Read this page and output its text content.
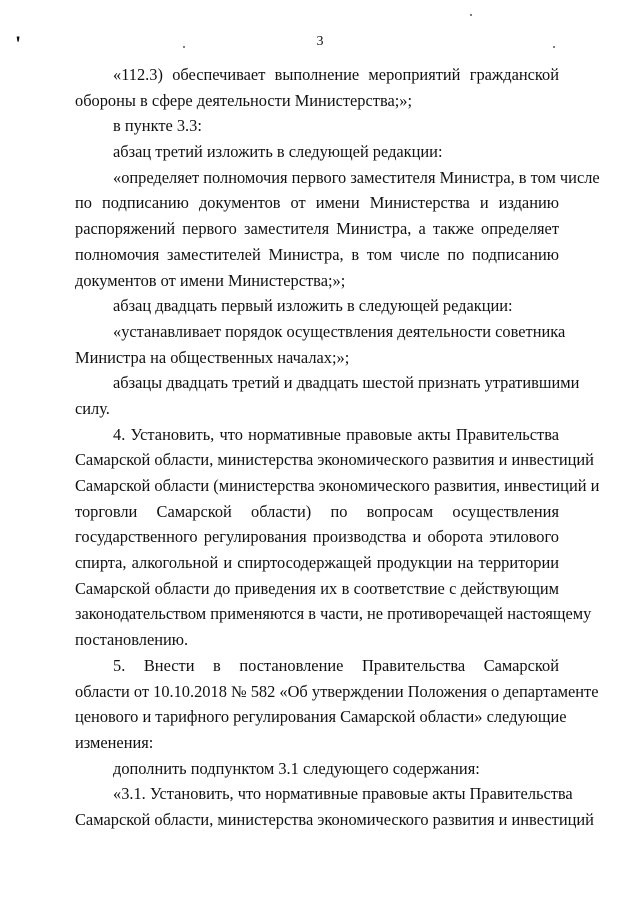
ꞌ	3
«112.3) обеспечивает выполнение мероприятий гражданской
обороны в сфере деятельности Министерства;»;
в пункте 3.3:
абзац третий изложить в следующей редакции:
«определяет полномочия первого заместителя Министра, в том числе
по подписанию документов от имени Министерства и изданию
распоряжений первого заместителя Министра, а также определяет
полномочия заместителей Министра, в том числе по подписанию
документов от имени Министерства;»;
абзац двадцать первый изложить в следующей редакции:
«устанавливает порядок осуществления деятельности советника
Министра на общественных началах;»;
абзацы двадцать третий и двадцать шестой признать утратившими
силу.
4. Установить, что нормативные правовые акты Правительства
Самарской области, министерства экономического развития и инвестиций
Самарской области (министерства экономического развития, инвестиций и
торговли Самарской области) по вопросам осуществления
государственного регулирования производства и оборота этилового
спирта, алкогольной и спиртосодержащей продукции на территории
Самарской области до приведения их в соответствие с действующим
законодательством применяются в части, не противоречащей настоящему
постановлению.
5. Внести в постановление Правительства Самарской
области от 10.10.2018 № 582 «Об утверждении Положения о департаменте
ценового и тарифного регулирования Самарской области» следующие
изменения:
дополнить подпунктом 3.1 следующего содержания:
«3.1. Установить, что нормативные правовые акты Правительства
Самарской области, министерства экономического развития и инвестиций
